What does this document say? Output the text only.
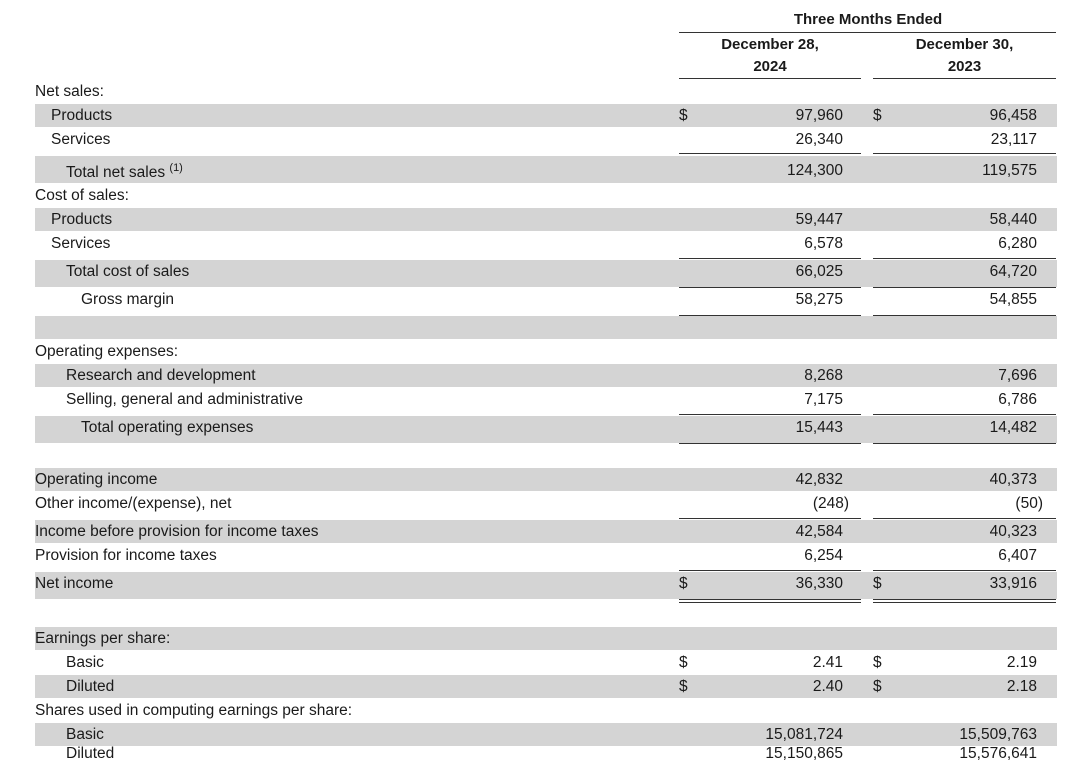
Three Months Ended
December 28,
2024
December 30,
2023
Net sales:
Products	$	97,960 $	96,458
Services	26,340	23,117
Total net sales $^{(1)}$	124,300	119,575
Cost of sales:
Products	59,447	58,440
Services	6,578	6,280
Total cost of sales	66,025	64,720
Gross margin	58,275	54,855
Operating expenses:
Research and development	8,268	7,696
Selling, general and administrative	7,175	6,786
Total operating expenses	15,443	14,482
Operating income	42,832	40,373
Other income/(expense), net	(248)	(50)
Income before provision for income taxes	42,584	40,323
Provision for income taxes	6,254	6,407
Net income	$	36,330 $	33,916
Earnings per share:
Basic	$	2.41 $	2.19
Diluted	$	2.40 $	2.18
Shares used in computing earnings per share:
Basic	15,081,724	15,509,763
Diluted	15,150,865	15,576,641
